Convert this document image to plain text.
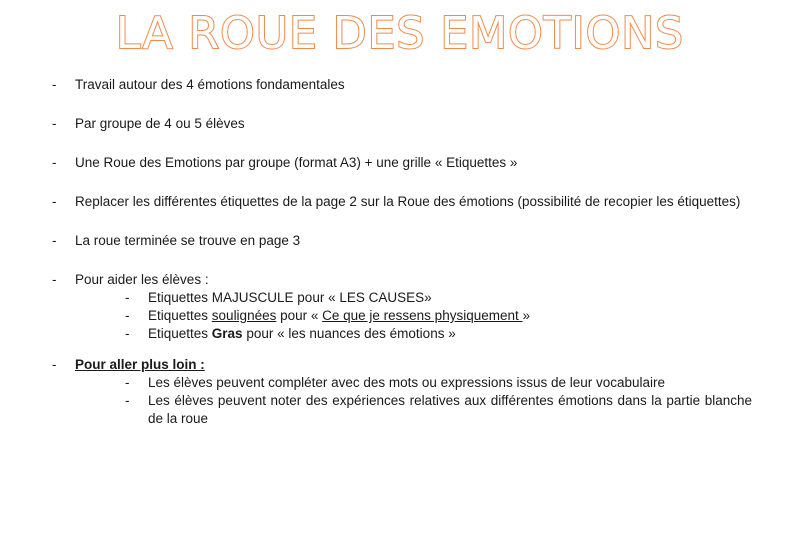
LA ROUE DES EMOTIONS
- Travail autour des 4 émotions fondamentales
- Par groupe de 4 ou 5 élèves
- Une Roue des Emotions par groupe (format A3) + une grille « Etiquettes »
- Replacer les différentes étiquettes de la page 2 sur la Roue des émotions (possibilité de recopier les étiquettes)
- La roue terminée se trouve en page 3
- Pour aider les élèves :
- Etiquettes MAJUSCULE pour « LES CAUSES»
- Etiquettes soulignées pour « Ce que je ressens physiquement »
- Etiquettes Gras pour « les nuances des émotions »
- Pour aller plus loin :
- Les élèves peuvent compléter avec des mots ou expressions issus de leur vocabulaire
- Les élèves peuvent noter des expériences relatives aux différentes émotions dans la partie blanche de la roue
